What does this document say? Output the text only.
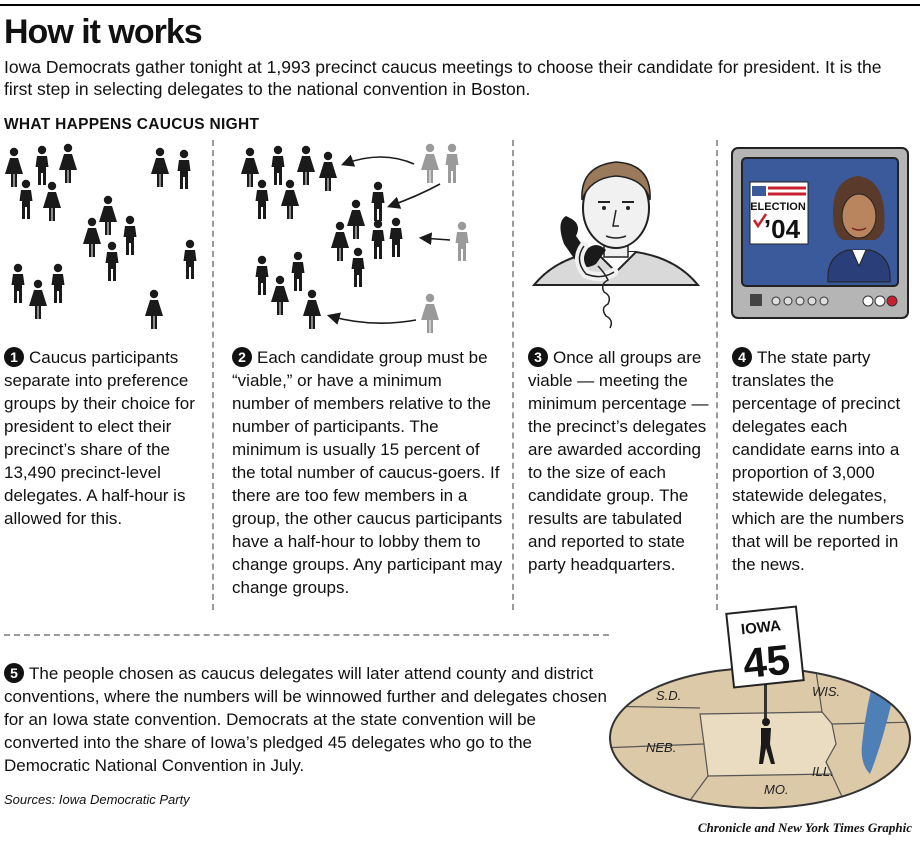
How it works
Iowa Democrats gather tonight at 1,993 precinct caucus meetings to choose their candidate for president. It is the first step in selecting delegates to the national convention in Boston.
WHAT HAPPENS CAUCUS NIGHT
ELECTION
’04
1 Caucus participants separate into preference groups by their choice for president to elect their precinct’s share of the 13,490 precinct-level delegates. A half-hour is allowed for this.
2 Each candidate group must be “viable,” or have a minimum number of members relative to the number of participants. The minimum is usually 15 percent of the total number of caucus-goers. If there are too few members in a group, the other caucus participants have a half-hour to lobby them to change groups. Any participant may change groups.
3 Once all groups are viable — meeting the minimum percentage — the precinct’s delegates are awarded according to the size of each candidate group. The results are tabulated and reported to state party headquarters.
4 The state party translates the percentage of precinct delegates each candidate earns into a proportion of 3,000 statewide delegates, which are the numbers that will be reported in the news.
5 The people chosen as caucus delegates will later attend county and district conventions, where the numbers will be winnowed further and delegates chosen for an Iowa state convention. Democrats at the state convention will be converted into the share of Iowa’s pledged 45 delegates who go to the Democratic National Convention in July.
S.D.
NEB.
WIS.
ILL.
MO.
IOWA
45
Sources: Iowa Democratic Party
Chronicle and New York Times Graphic
